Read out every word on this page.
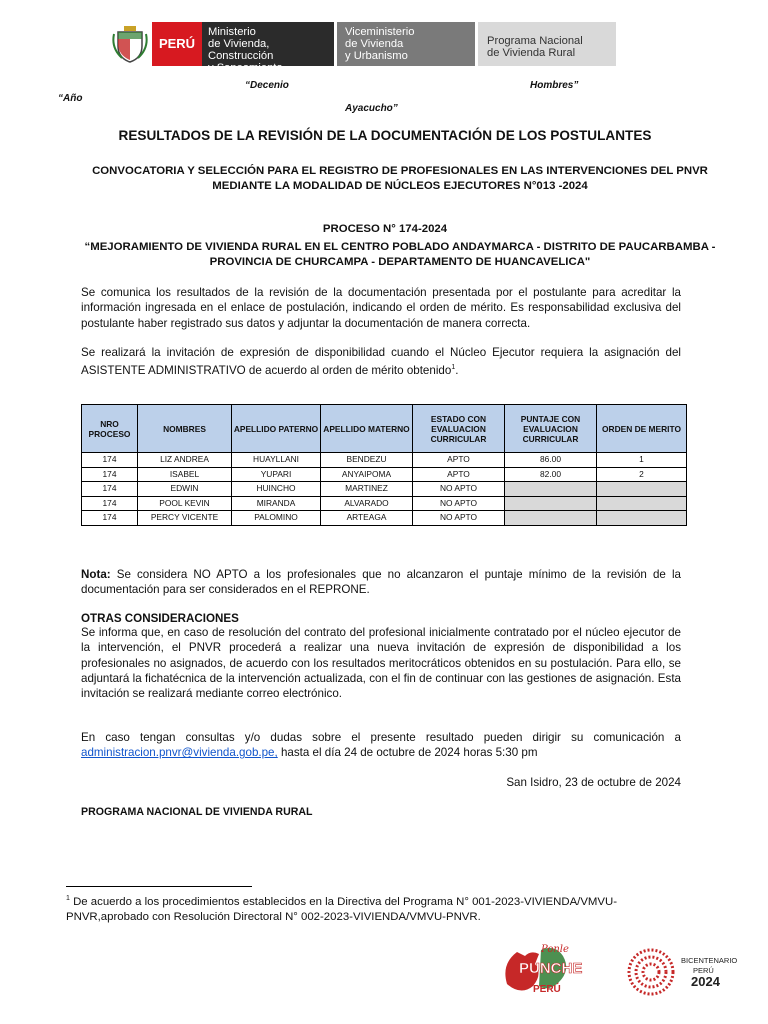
PERÚ
Ministerio
de Vivienda, Construcción
y Saneamiento
Viceministerio
de Vivienda
y Urbanismo
Programa Nacional
de Vivienda Rural
“Decenio	Hombres”
“Año
Ayacucho”
RESULTADOS DE LA REVISIÓN DE LA DOCUMENTACIÓN DE LOS POSTULANTES
CONVOCATORIA Y SELECCIÓN PARA EL REGISTRO DE PROFESIONALES EN LAS INTERVENCIONES DEL PNVR
MEDIANTE LA MODALIDAD DE NÚCLEOS EJECUTORES N°013 -2024
PROCESO N° 174-2024
“MEJORAMIENTO DE VIVIENDA RURAL EN EL CENTRO POBLADO ANDAYMARCA - DISTRITO DE PAUCARBAMBA -
PROVINCIA DE CHURCAMPA - DEPARTAMENTO DE HUANCAVELICA"
Se comunica los resultados de la revisión de la documentación presentada por el postulante para acreditar la información ingresada en el enlace de postulación, indicando el orden de mérito. Es responsabilidad exclusiva del postulante haber registrado sus datos y adjuntar la documentación de manera correcta.
Se realizará la invitación de expresión de disponibilidad cuando el Núcleo Ejecutor requiera la asignación del ASISTENTE ADMINISTRATIVO de acuerdo al orden de mérito obtenido$^1$.
NRO PROCESO	NOMBRES	APELLIDO PATERNO	APELLIDO MATERNO	ESTADO CON EVALUACION CURRICULAR	PUNTAJE CON EVALUACION CURRICULAR	ORDEN DE MERITO
174	LIZ ANDREA	HUAYLLANI	BENDEZU	APTO	86.00	1
174	ISABEL	YUPARI	ANYAIPOMA	APTO	82.00	2
174	EDWIN	HUINCHO	MARTINEZ	NO APTO		
174	POOL KEVIN	MIRANDA	ALVARADO	NO APTO		
174	PERCY VICENTE	PALOMINO	ARTEAGA	NO APTO		
Nota: Se considera NO APTO a los profesionales que no alcanzaron el puntaje mínimo de la revisión de la documentación para ser considerados en el REPRONE.
OTRAS CONSIDERACIONES
Se informa que, en caso de resolución del contrato del profesional inicialmente contratado por el núcleo ejecutor de la intervención, el PNVR procederá a realizar una nueva invitación de expresión de disponibilidad a los profesionales no asignados, de acuerdo con los resultados meritocráticos obtenidos en su postulación. Para ello, se adjuntará la fichatécnica de la intervención actualizada, con el fin de continuar con las gestiones de asignación. Esta invitación se realizará mediante correo electrónico.
En caso tengan consultas y/o dudas sobre el presente resultado pueden dirigir su comunicación a administracion.pnvr@vivienda.gob.pe, hasta el día 24 de octubre de 2024 horas 5:30 pm
San Isidro, 23 de octubre de 2024
PROGRAMA NACIONAL DE VIVIENDA RURAL
$^1$ De acuerdo a los procedimientos establecidos en la Directiva del Programa N° 001-2023-VIVIENDA/VMVU-PNVR,aprobado con Resolución Directoral N° 002-2023-VIVIENDA/VMVU-PNVR.
Ponle
PUNCHE
PERÚ
BICENTENARIO
PERÚ
2024
